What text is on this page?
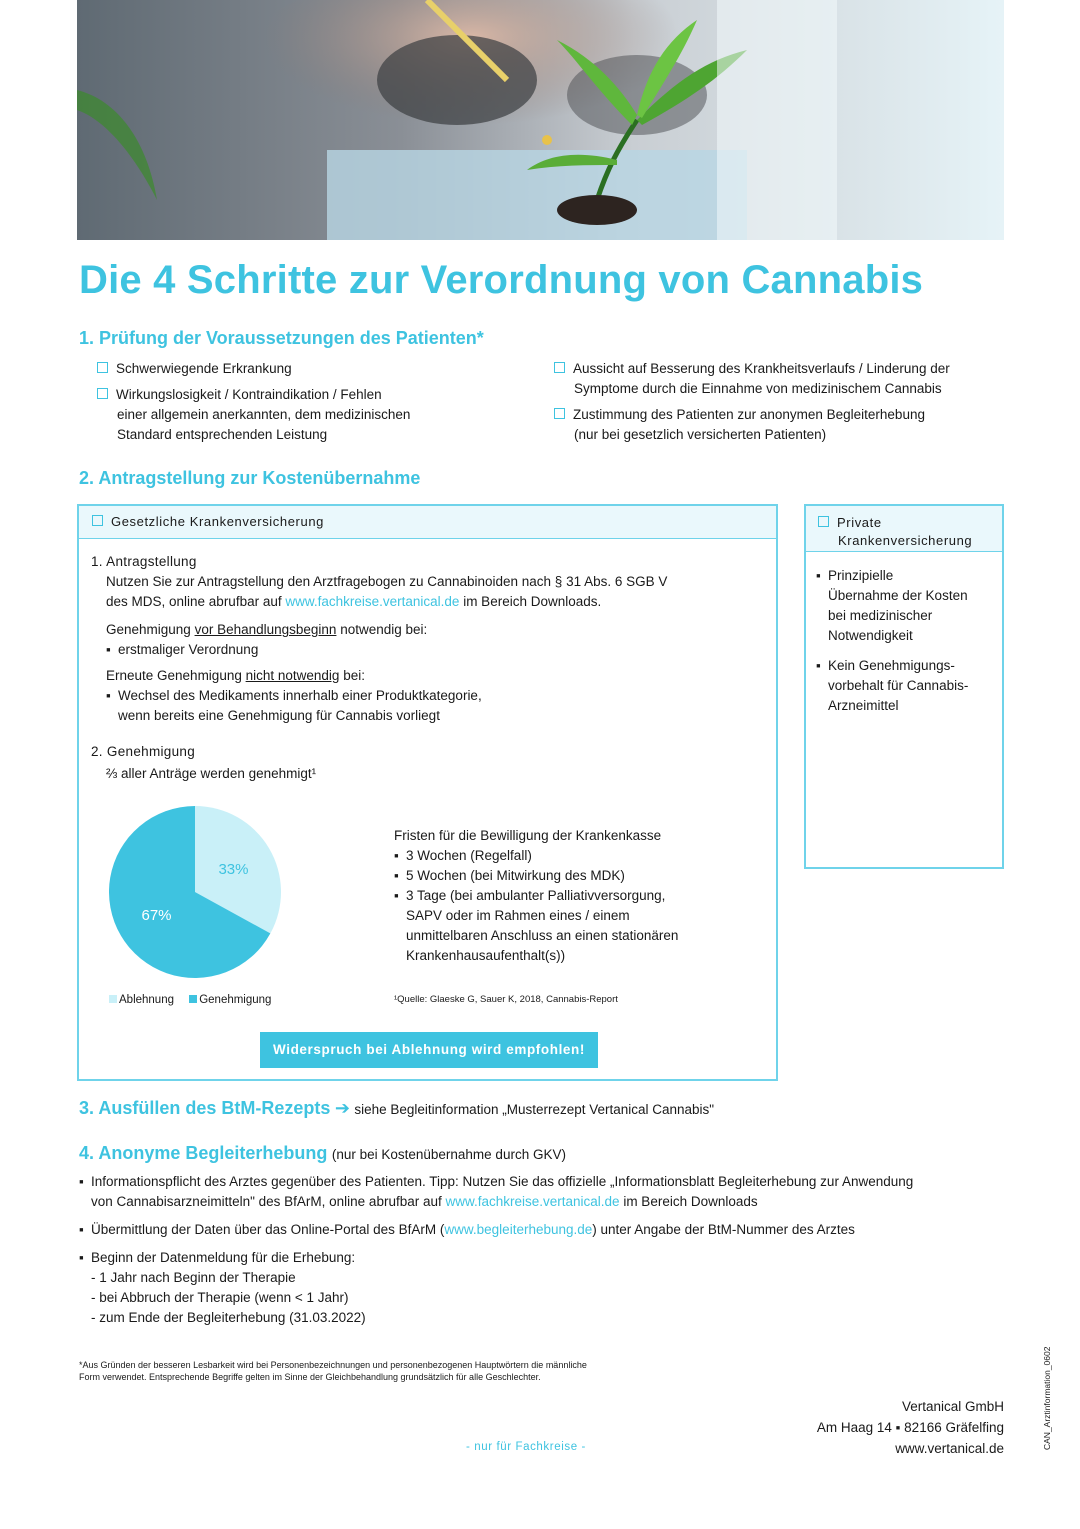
Die 4 Schritte zur Verordnung von Cannabis
1. Prüfung der Voraussetzungen des Patienten*
Schwerwiegende Erkrankung
Wirkungslosigkeit / Kontraindikation / Fehlen
einer allgemein anerkannten, dem medizinischen
Standard entsprechenden Leistung
Aussicht auf Besserung des Krankheitsverlaufs / Linderung der
Symptome durch die Einnahme von medizinischem Cannabis
Zustimmung des Patienten zur anonymen Begleiterhebung
(nur bei gesetzlich versicherten Patienten)
2. Antragstellung zur Kostenübernahme
Gesetzliche Krankenversicherung
1. Antragstellung
Nutzen Sie zur Antragstellung den Arztfragebogen zu Cannabinoiden nach § 31 Abs. 6 SGB V
des MDS, online abrufbar auf www.fachkreise.vertanical.de im Bereich Downloads.
Genehmigung vor Behandlungsbeginn notwendig bei:
▪ erstmaliger Verordnung
Erneute Genehmigung nicht notwendig bei:
▪ Wechsel des Medikaments innerhalb einer Produktkategorie,
wenn bereits eine Genehmigung für Cannabis vorliegt
2. Genehmigung
⅔ aller Anträge werden genehmigt¹
33%
67%
Ablehnung Genehmigung
Fristen für die Bewilligung der Krankenkasse
▪ 3 Wochen (Regelfall)
▪ 5 Wochen (bei Mitwirkung des MDK)
▪ 3 Tage (bei ambulanter Palliativversorgung,
SAPV oder im Rahmen eines / einem
unmittelbaren Anschluss an einen stationären
Krankenhausaufenthalt(s))
¹Quelle: Glaeske G, Sauer K, 2018, Cannabis-Report
Widerspruch bei Ablehnung wird empfohlen!
Private
Krankenversicherung
▪ Prinzipielle
Übernahme der Kosten
bei medizinischer
Notwendigkeit
▪ Kein Genehmigungs-
vorbehalt für Cannabis-
Arzneimittel
3. Ausfüllen des BtM-Rezepts ➔ siehe Begleitinformation „Musterrezept Vertanical Cannabis"
4. Anonyme Begleiterhebung (nur bei Kostenübernahme durch GKV)
▪ Informationspflicht des Arztes gegenüber des Patienten. Tipp: Nutzen Sie das offizielle „Informationsblatt Begleiterhebung zur Anwendung
von Cannabisarzneimitteln" des BfArM, online abrufbar auf www.fachkreise.vertanical.de im Bereich Downloads
▪ Übermittlung der Daten über das Online-Portal des BfArM (www.begleiterhebung.de) unter Angabe der BtM-Nummer des Arztes
▪ Beginn der Datenmeldung für die Erhebung:
- 1 Jahr nach Beginn der Therapie
- bei Abbruch der Therapie (wenn < 1 Jahr)
- zum Ende der Begleiterhebung (31.03.2022)
*Aus Gründen der besseren Lesbarkeit wird bei Personenbezeichnungen und personenbezogenen Hauptwörtern die männliche
Form verwendet. Entsprechende Begriffe gelten im Sinne der Gleichbehandlung grundsätzlich für alle Geschlechter.
- nur für Fachkreise -
Vertanical GmbH
Am Haag 14 ▪ 82166 Gräfelfing
www.vertanical.de	CAN_Arztinformation_0602
